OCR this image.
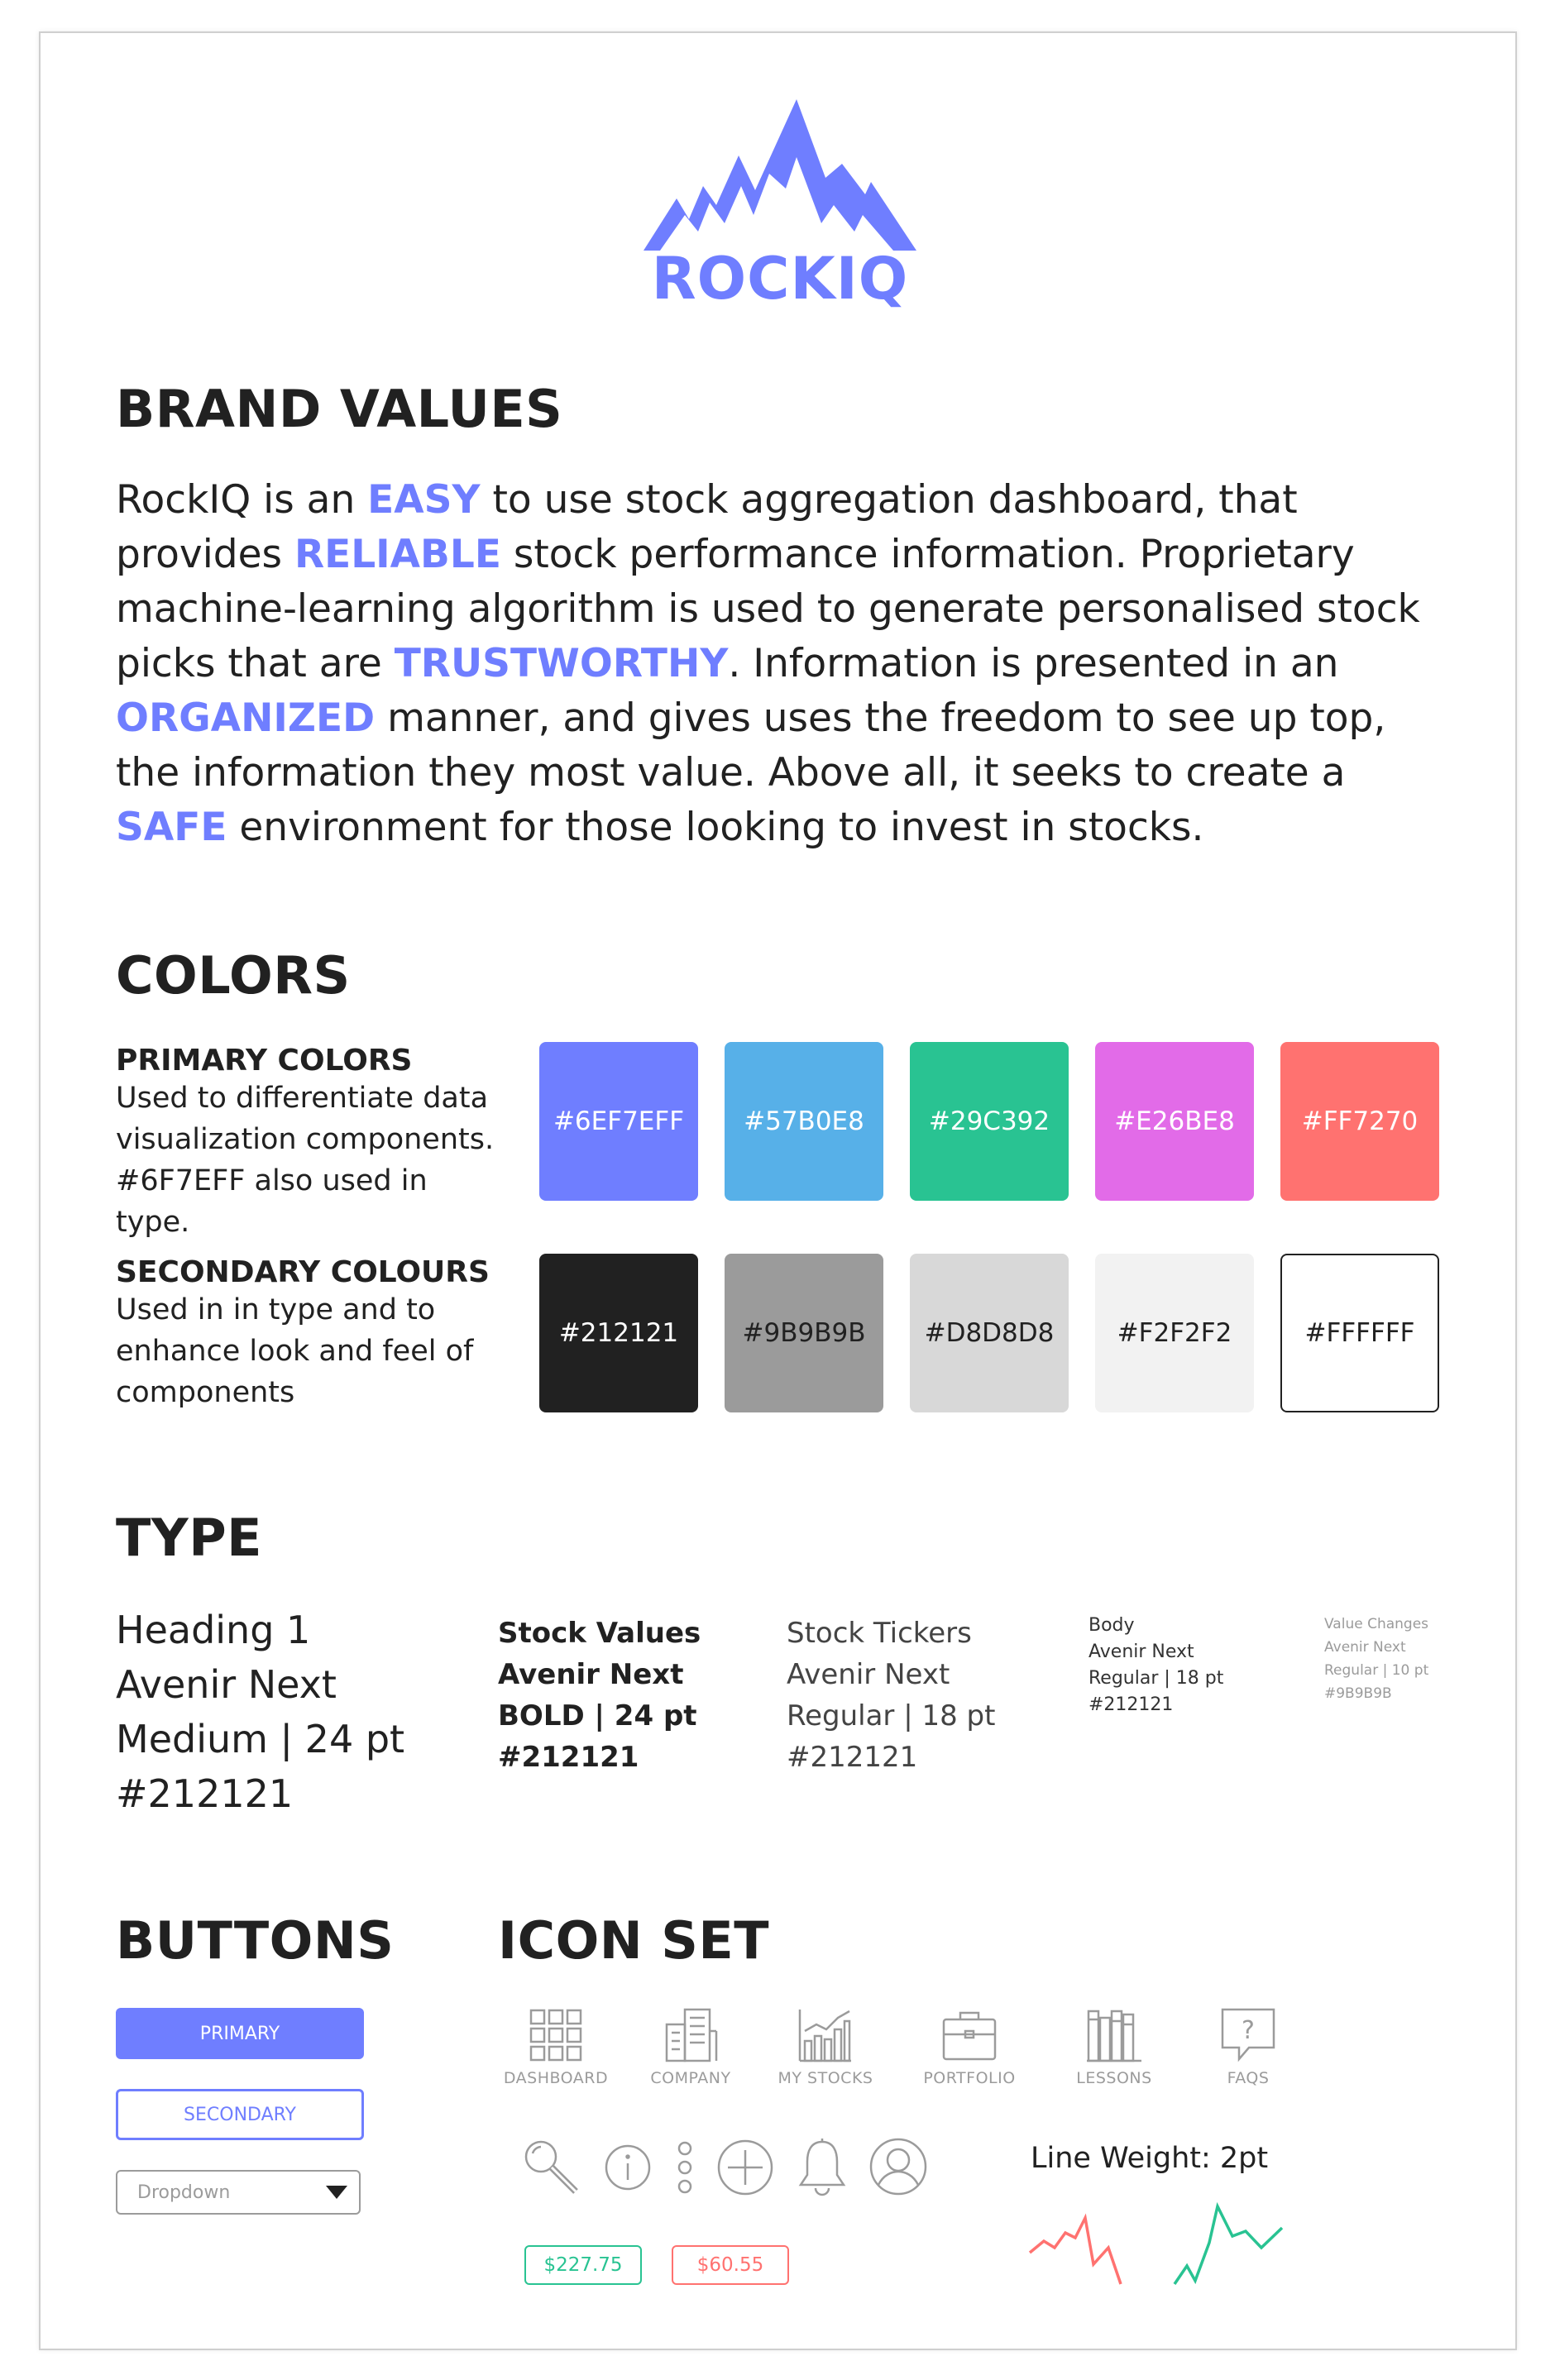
ROCKIQ
BRAND VALUES
RockIQ is an EASY to use stock aggregation dashboard, that provides RELIABLE stock performance information. Proprietary machine-learning algorithm is used to generate personalised stock picks that are TRUSTWORTHY. Information is presented in an ORGANIZED manner, and gives uses the freedom to see up top, the information they most value. Above all, it seeks to create a SAFE environment for those looking to invest in stocks.
COLORS
PRIMARY COLORS
Used to differentiate data
visualization components.
#6F7EFF also used in type.
#6EF7EFF	#57B0E8	#29C392	#E26BE8	#FF7270
SECONDARY COLOURS
Used in in type and to
enhance look and feel of
components
#212121	#9B9B9B	#D8D8D8	#F2F2F2	#FFFFFF
TYPE
Heading 1
Avenir Next
Medium | 24 pt
#212121
Stock Values
Avenir Next
BOLD | 24 pt
#212121
Stock Tickers
Avenir Next
Regular | 18 pt
#212121
Body
Avenir Next
Regular | 18 pt
#212121
Value Changes
Avenir Next
Regular | 10 pt
#9B9B9B
BUTTONS
PRIMARY
SECONDARY
Dropdown
ICON SET
DASHBOARD	COMPANY	MY STOCKS	PORTFOLIO	LESSONS
?
FAQS
Line Weight: 2pt
$227.75	$60.55
